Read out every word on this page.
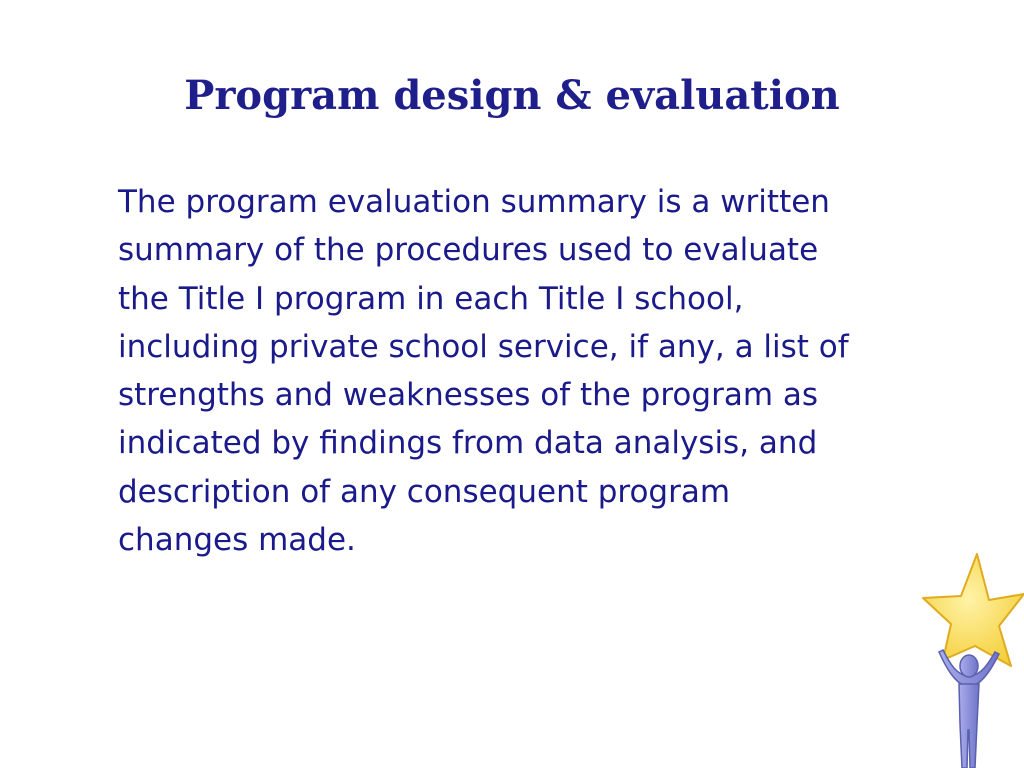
Program design & evaluation
The program evaluation summary is a written
summary of the procedures used to evaluate
the Title I program in each Title I school,
including private school service, if any, a list of
strengths and weaknesses of the program as
indicated by findings from data analysis, and
description of any consequent program
changes made.
